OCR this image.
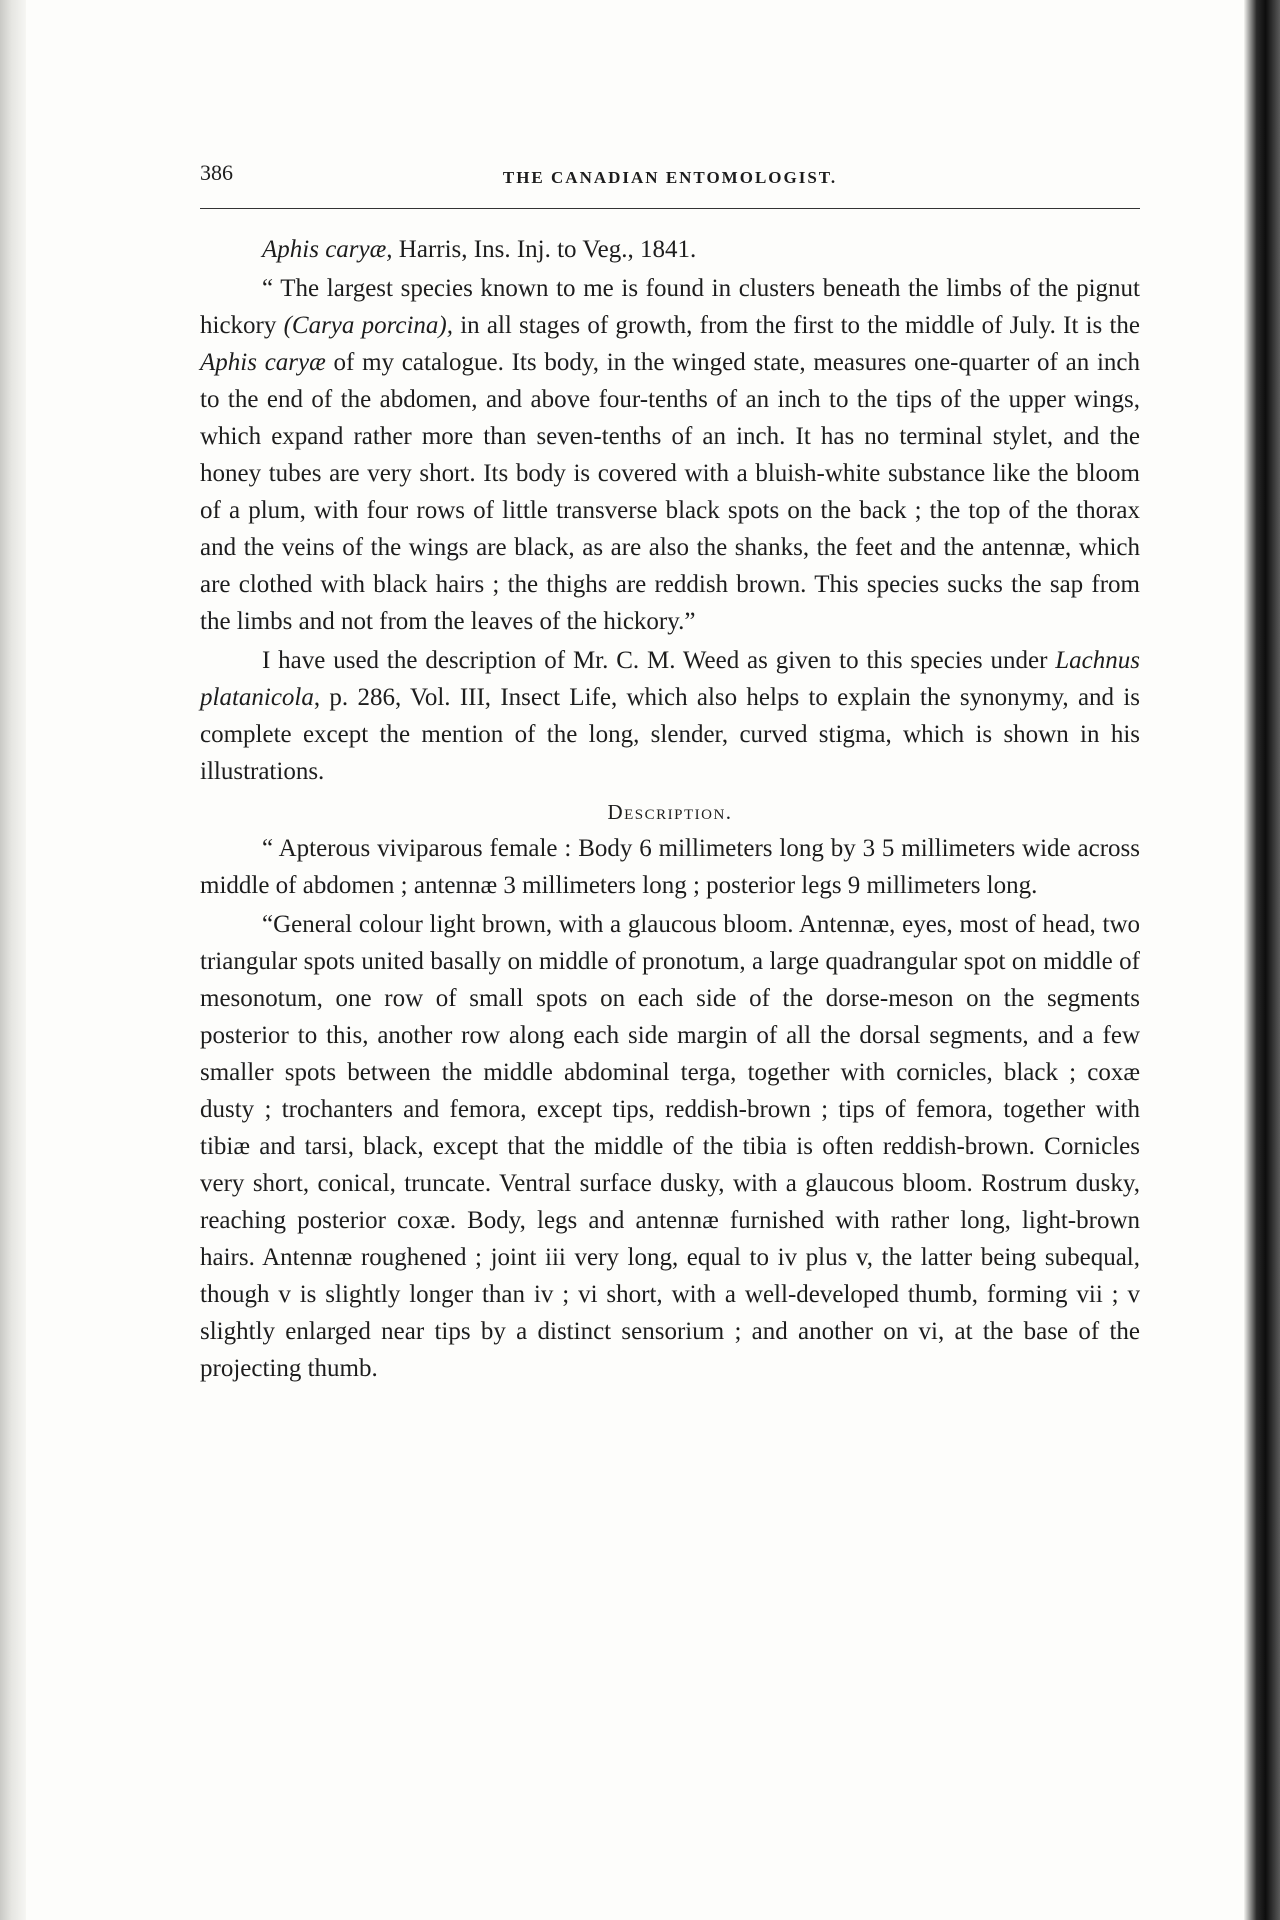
386	THE CANADIAN ENTOMOLOGIST.

Aphis caryæ, Harris, Ins. Inj. to Veg., 1841.

“ The largest species known to me is found in clusters beneath the limbs of the pignut hickory (Carya porcina), in all stages of growth, from the first to the middle of July. It is the Aphis caryæ of my catalogue. Its body, in the winged state, measures one-quarter of an inch to the end of the abdomen, and above four-tenths of an inch to the tips of the upper wings, which expand rather more than seven-tenths of an inch. It has no terminal stylet, and the honey tubes are very short. Its body is covered with a bluish-white substance like the bloom of a plum, with four rows of little transverse black spots on the back ; the top of the thorax and the veins of the wings are black, as are also the shanks, the feet and the antennæ, which are clothed with black hairs ; the thighs are reddish brown. This species sucks the sap from the limbs and not from the leaves of the hickory.”

I have used the description of Mr. C. M. Weed as given to this species under Lachnus platanicola, p. 286, Vol. III, Insect Life, which also helps to explain the synonymy, and is complete except the mention of the long, slender, curved stigma, which is shown in his illustrations.

Description.

“ Apterous viviparous female : Body 6 millimeters long by 3 5 millimeters wide across middle of abdomen ; antennæ 3 millimeters long ; posterior legs 9 millimeters long.

“General colour light brown, with a glaucous bloom. Antennæ, eyes, most of head, two triangular spots united basally on middle of pronotum, a large quadrangular spot on middle of mesonotum, one row of small spots on each side of the dorse-meson on the segments posterior to this, another row along each side margin of all the dorsal segments, and a few smaller spots between the middle abdominal terga, together with cornicles, black ; coxæ dusty ; trochanters and femora, except tips, reddish-brown ; tips of femora, together with tibiæ and tarsi, black, except that the middle of the tibia is often reddish-brown. Cornicles very short, conical, truncate. Ventral surface dusky, with a glaucous bloom. Rostrum dusky, reaching posterior coxæ. Body, legs and antennæ furnished with rather long, light-brown hairs. Antennæ roughened ; joint iii very long, equal to iv plus v, the latter being subequal, though v is slightly longer than iv ; vi short, with a well-developed thumb, forming vii ; v slightly enlarged near tips by a distinct sensorium ; and another on vi, at the base of the projecting thumb.
